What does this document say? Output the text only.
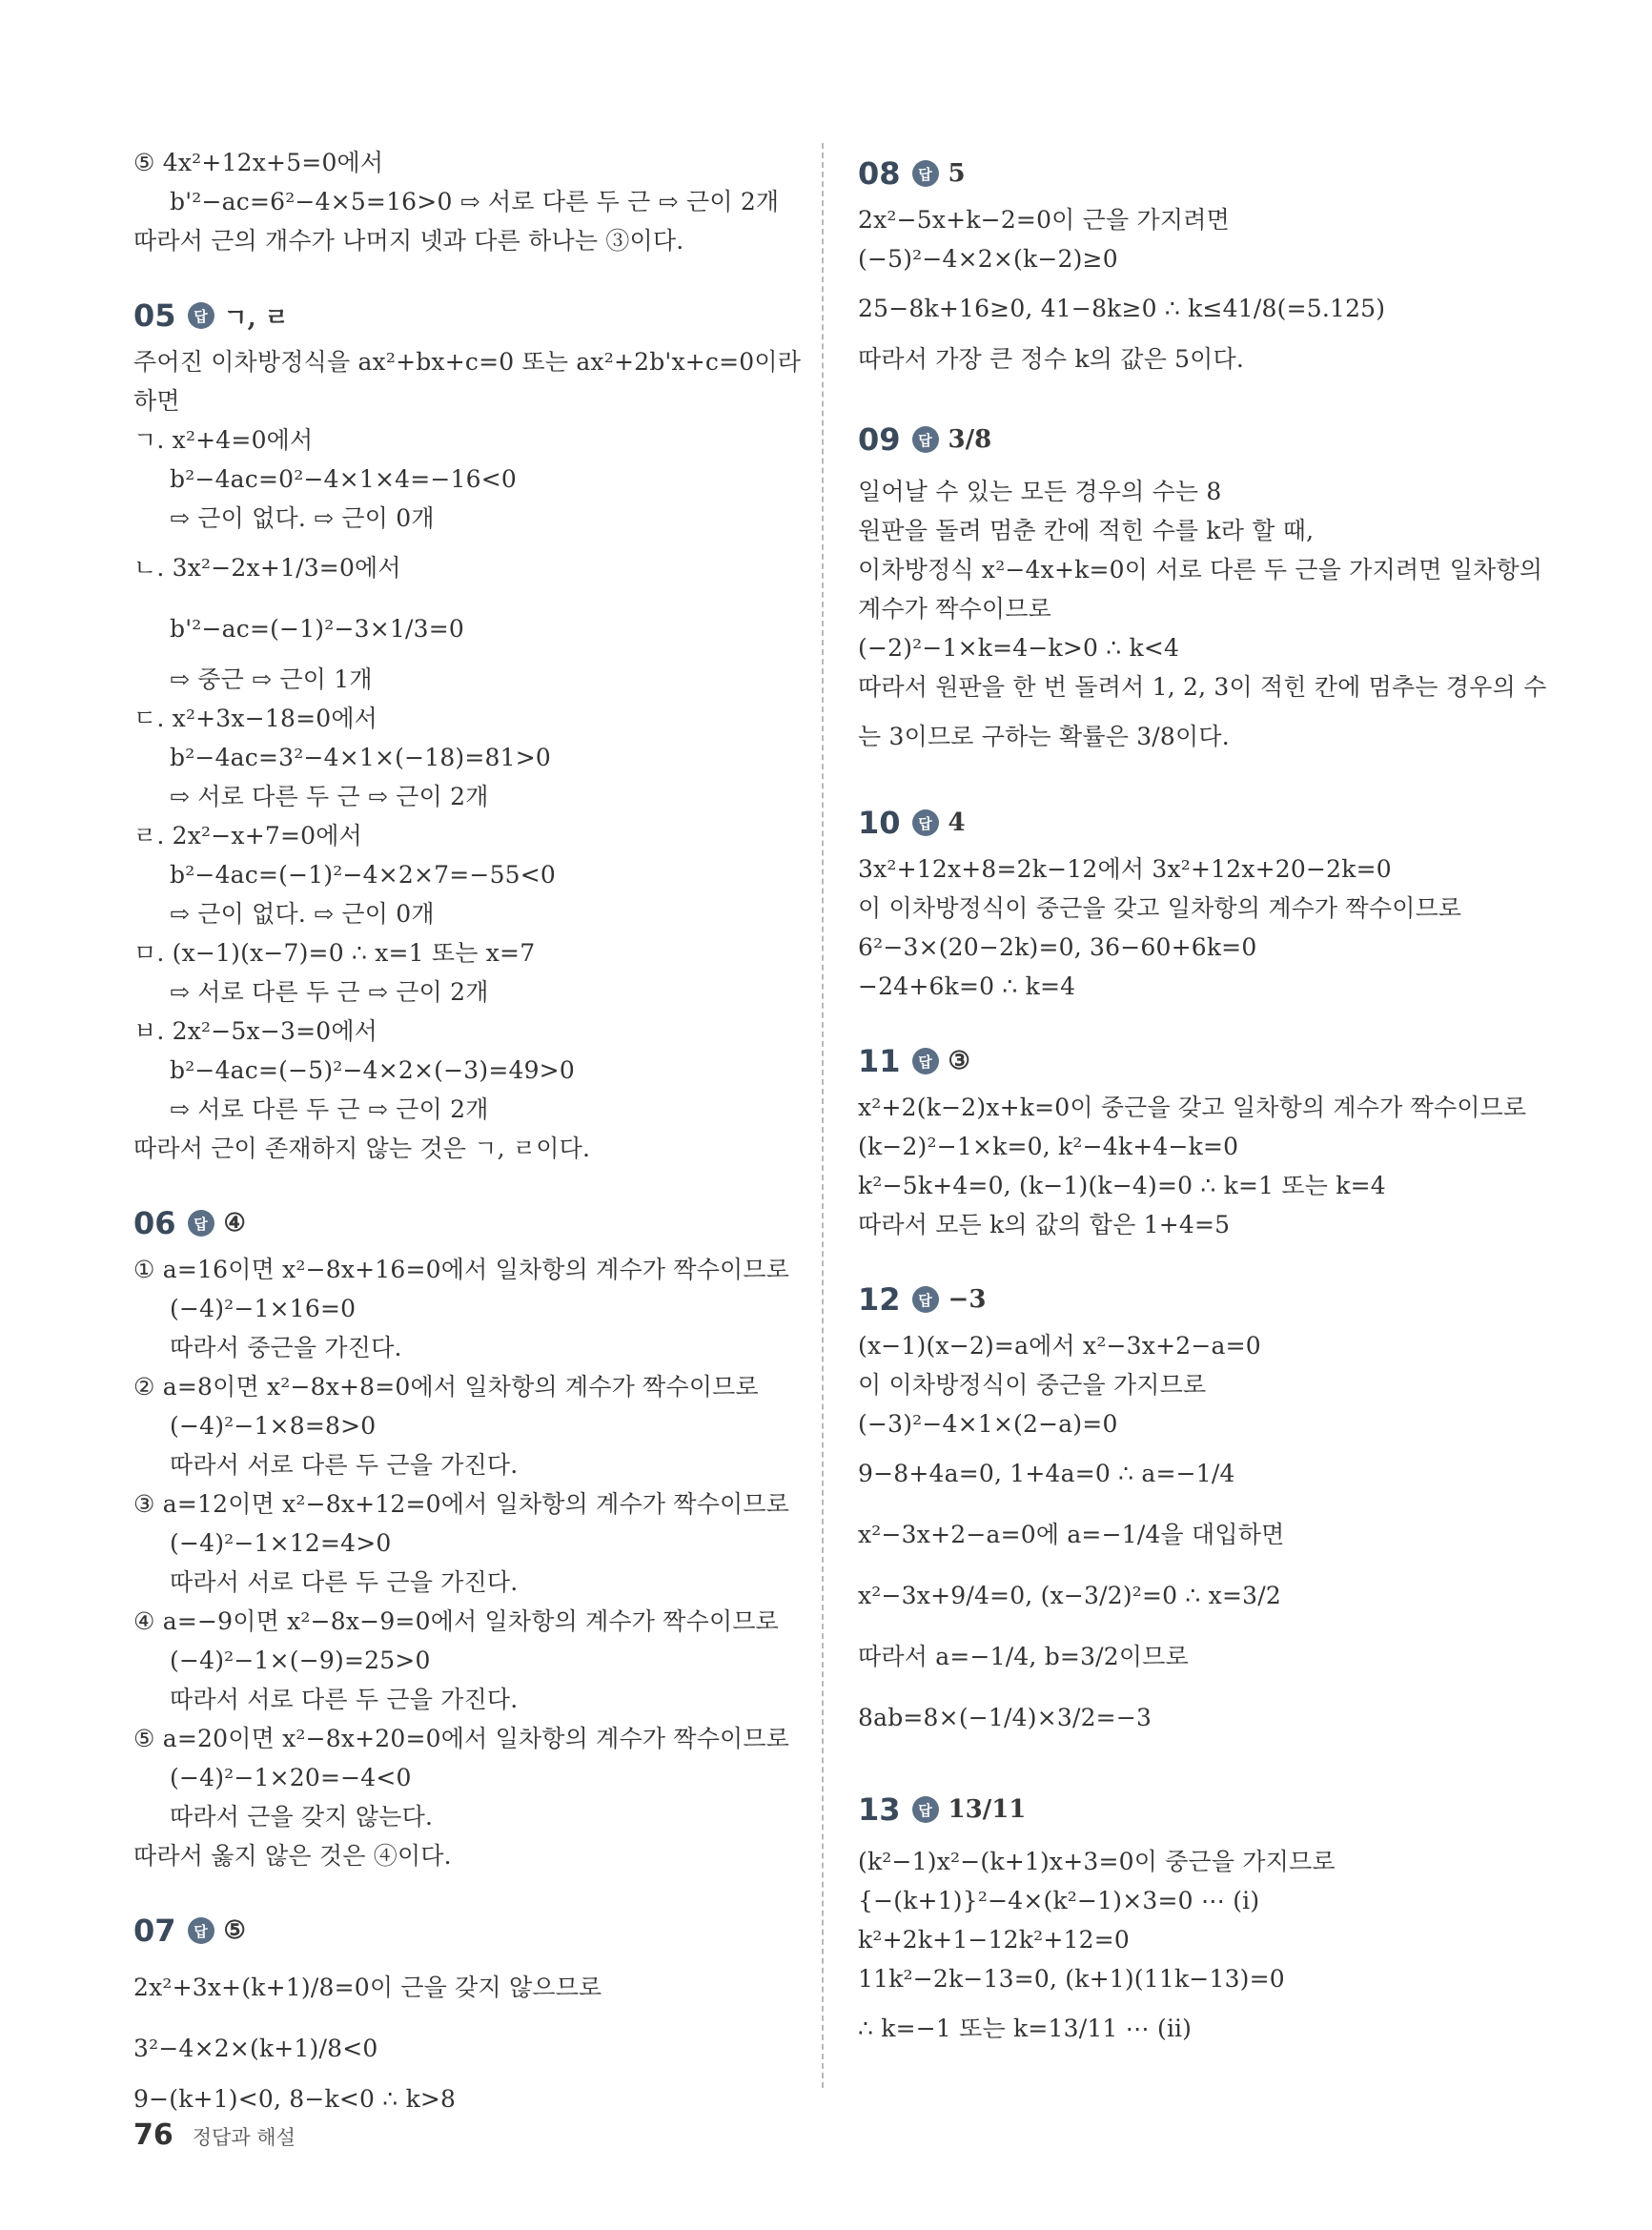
⑤ 4x²+12x+5=0에서
b'²−ac=6²−4×5=16>0 ⇨ 서로 다른 두 근 ⇨ 근이 2개
따라서 근의 개수가 나머지 넷과 다른 하나는 ③이다.
05	답 ㄱ, ㄹ
주어진 이차방정식을 ax²+bx+c=0 또는 ax²+2b'x+c=0이라
하면
ㄱ. x²+4=0에서
b²−4ac=0²−4×1×4=−16<0
⇨ 근이 없다. ⇨ 근이 0개
ㄴ. 3x²−2x+1/3=0에서
b'²−ac=(−1)²−3×1/3=0
⇨ 중근 ⇨ 근이 1개
ㄷ. x²+3x−18=0에서
b²−4ac=3²−4×1×(−18)=81>0
⇨ 서로 다른 두 근 ⇨ 근이 2개
ㄹ. 2x²−x+7=0에서
b²−4ac=(−1)²−4×2×7=−55<0
⇨ 근이 없다. ⇨ 근이 0개
ㅁ. (x−1)(x−7)=0 ∴ x=1 또는 x=7
⇨ 서로 다른 두 근 ⇨ 근이 2개
ㅂ. 2x²−5x−3=0에서
b²−4ac=(−5)²−4×2×(−3)=49>0
⇨ 서로 다른 두 근 ⇨ 근이 2개
따라서 근이 존재하지 않는 것은 ㄱ, ㄹ이다.
06	답 ④
① a=16이면 x²−8x+16=0에서 일차항의 계수가 짝수이므로
(−4)²−1×16=0
따라서 중근을 가진다.
② a=8이면 x²−8x+8=0에서 일차항의 계수가 짝수이므로
(−4)²−1×8=8>0
따라서 서로 다른 두 근을 가진다.
③ a=12이면 x²−8x+12=0에서 일차항의 계수가 짝수이므로
(−4)²−1×12=4>0
따라서 서로 다른 두 근을 가진다.
④ a=−9이면 x²−8x−9=0에서 일차항의 계수가 짝수이므로
(−4)²−1×(−9)=25>0
따라서 서로 다른 두 근을 가진다.
⑤ a=20이면 x²−8x+20=0에서 일차항의 계수가 짝수이므로
(−4)²−1×20=−4<0
따라서 근을 갖지 않는다.
따라서 옳지 않은 것은 ④이다.
07	답 ⑤
2x²+3x+(k+1)/8=0이 근을 갖지 않으므로
3²−4×2×(k+1)/8<0
9−(k+1)<0, 8−k<0 ∴ k>8
08	답 5
2x²−5x+k−2=0이 근을 가지려면
(−5)²−4×2×(k−2)≥0
25−8k+16≥0, 41−8k≥0 ∴ k≤41/8(=5.125)
따라서 가장 큰 정수 k의 값은 5이다.
09	답 3/8
일어날 수 있는 모든 경우의 수는 8
원판을 돌려 멈춘 칸에 적힌 수를 k라 할 때,
이차방정식 x²−4x+k=0이 서로 다른 두 근을 가지려면 일차항의
계수가 짝수이므로
(−2)²−1×k=4−k>0 ∴ k<4
따라서 원판을 한 번 돌려서 1, 2, 3이 적힌 칸에 멈추는 경우의 수
는 3이므로 구하는 확률은 3/8이다.
10	답 4
3x²+12x+8=2k−12에서 3x²+12x+20−2k=0
이 이차방정식이 중근을 갖고 일차항의 계수가 짝수이므로
6²−3×(20−2k)=0, 36−60+6k=0
−24+6k=0 ∴ k=4
11	답 ③
x²+2(k−2)x+k=0이 중근을 갖고 일차항의 계수가 짝수이므로
(k−2)²−1×k=0, k²−4k+4−k=0
k²−5k+4=0, (k−1)(k−4)=0 ∴ k=1 또는 k=4
따라서 모든 k의 값의 합은 1+4=5
12	답 −3
(x−1)(x−2)=a에서 x²−3x+2−a=0
이 이차방정식이 중근을 가지므로
(−3)²−4×1×(2−a)=0
9−8+4a=0, 1+4a=0 ∴ a=−1/4
x²−3x+2−a=0에 a=−1/4을 대입하면
x²−3x+9/4=0, (x−3/2)²=0 ∴ x=3/2
따라서 a=−1/4, b=3/2이므로
8ab=8×(−1/4)×3/2=−3
13	답 13/11
(k²−1)x²−(k+1)x+3=0이 중근을 가지므로
{−(k+1)}²−4×(k²−1)×3=0 ⋯ (ⅰ)
k²+2k+1−12k²+12=0
11k²−2k−13=0, (k+1)(11k−13)=0
∴ k=−1 또는 k=13/11 ⋯ (ⅱ)
76 정답과 해설
